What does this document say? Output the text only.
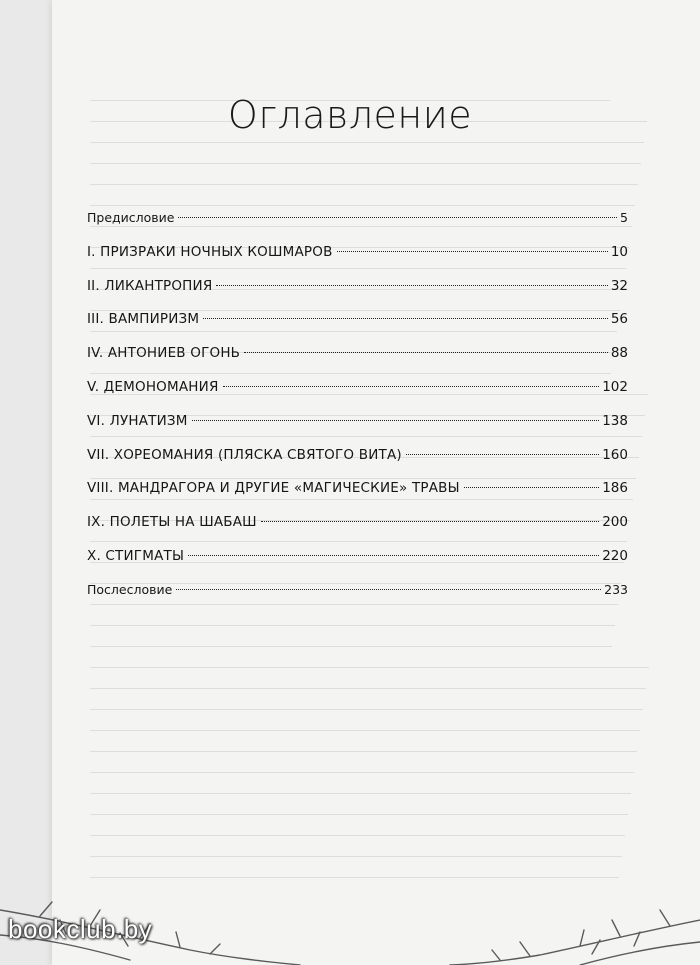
Оглавление
Предисловие	5
I. ПРИЗРАКИ НОЧНЫХ КОШМАРОВ	10
II. ЛИКАНТРОПИЯ	32
III. ВАМПИРИЗМ	56
IV. АНТОНИЕВ ОГОНЬ	88
V. ДЕМОНОМАНИЯ	102
VI. ЛУНАТИЗМ	138
VII. ХОРЕОМАНИЯ (ПЛЯСКА СВЯТОГО ВИТА)	160
VIII. МАНДРАГОРА И ДРУГИЕ «МАГИЧЕСКИЕ» ТРАВЫ	186
IX. ПОЛЕТЫ НА ШАБАШ	200
X. СТИГМАТЫ	220
Послесловие	233
bookclub.by
